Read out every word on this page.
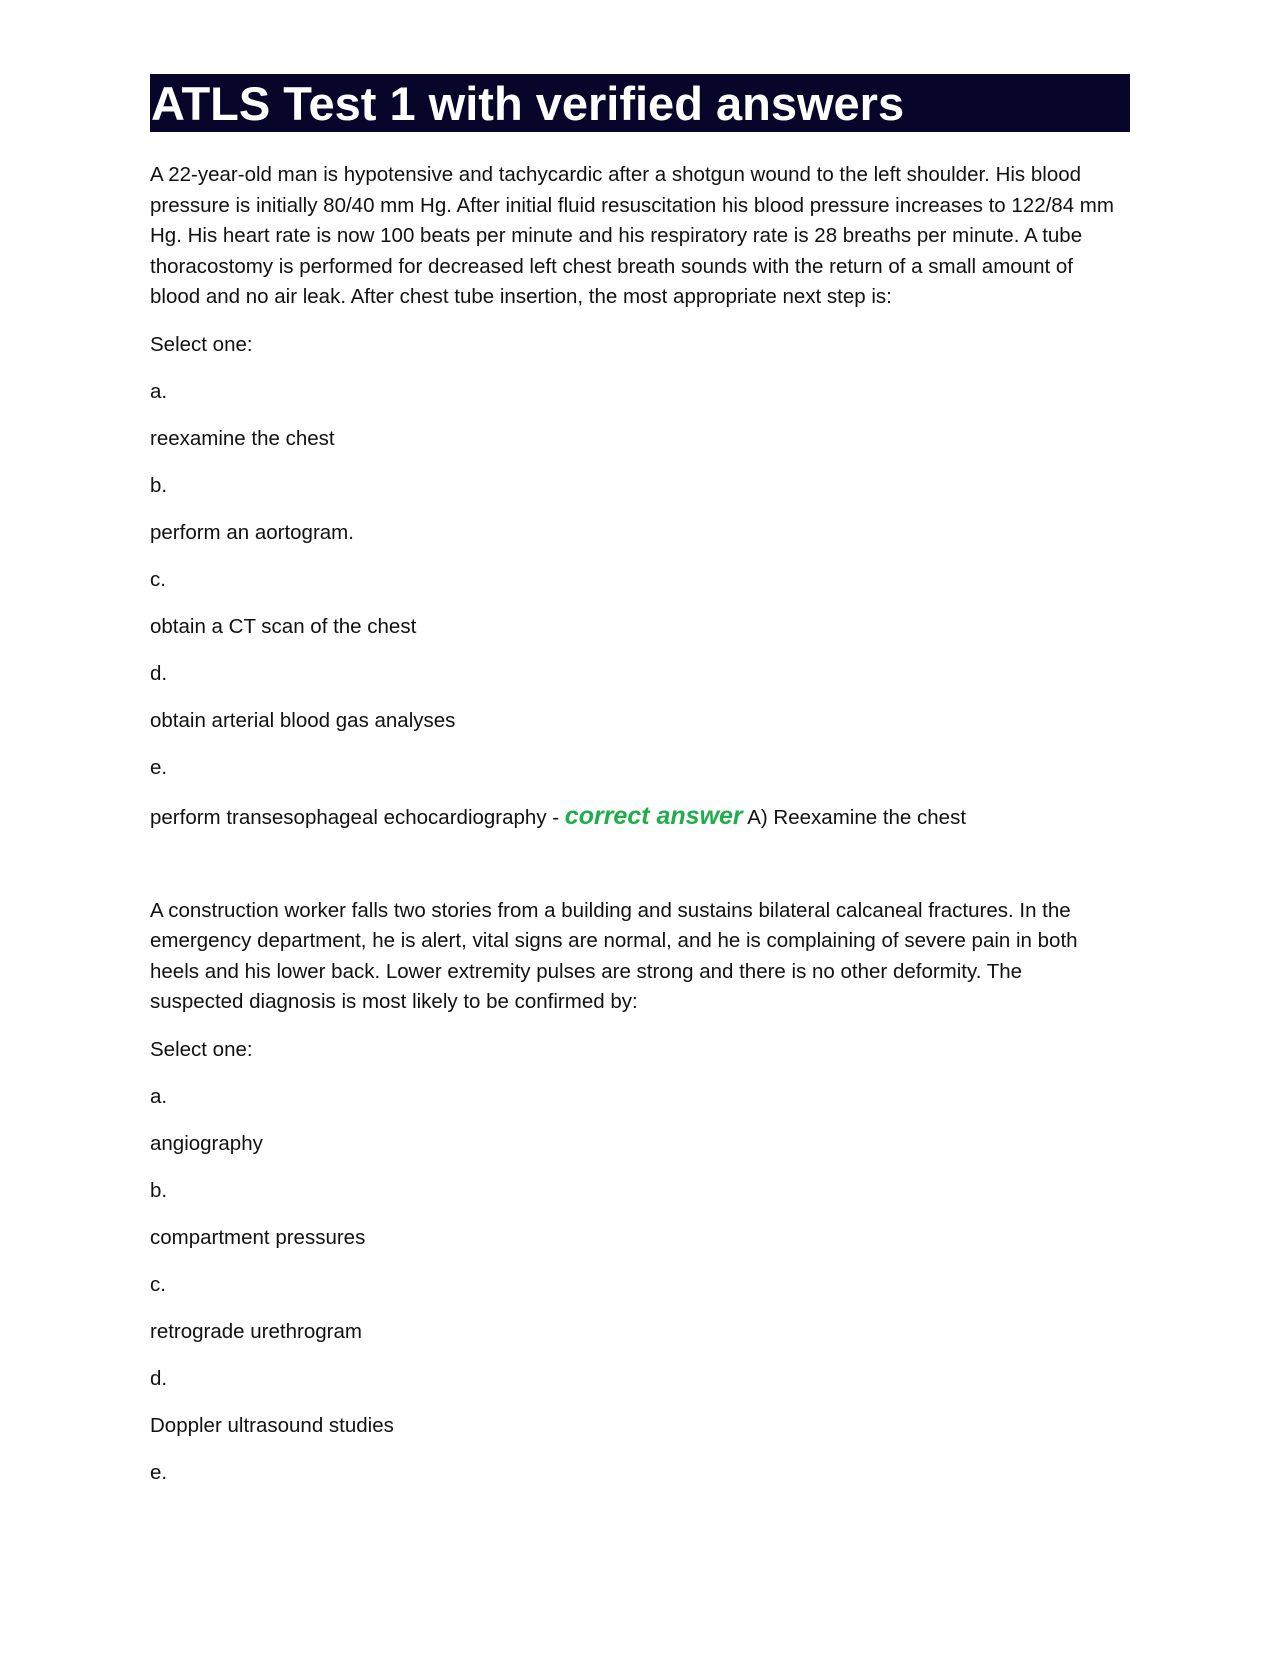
ATLS Test 1 with verified answers

A 22-year-old man is hypotensive and tachycardic after a shotgun wound to the left shoulder. His blood pressure is initially 80/40 mm Hg. After initial fluid resuscitation his blood pressure increases to 122/84 mm Hg. His heart rate is now 100 beats per minute and his respiratory rate is 28 breaths per minute. A tube thoracostomy is performed for decreased left chest breath sounds with the return of a small amount of blood and no air leak. After chest tube insertion, the most appropriate next step is:

Select one:

a.

reexamine the chest

b.

perform an aortogram.

c.

obtain a CT scan of the chest

d.

obtain arterial blood gas analyses

e.

perform transesophageal echocardiography - correct answer A) Reexamine the chest

A construction worker falls two stories from a building and sustains bilateral calcaneal fractures. In the emergency department, he is alert, vital signs are normal, and he is complaining of severe pain in both heels and his lower back. Lower extremity pulses are strong and there is no other deformity. The suspected diagnosis is most likely to be confirmed by:

Select one:

a.

angiography

b.

compartment pressures

c.

retrograde urethrogram

d.

Doppler ultrasound studies

e.
